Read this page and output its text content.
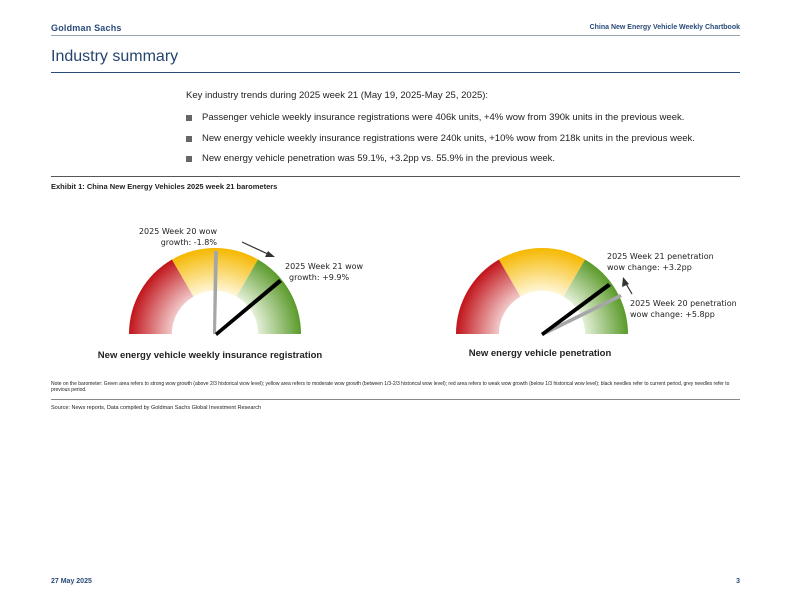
Goldman Sachs	China New Energy Vehicle Weekly Chartbook
Industry summary
Key industry trends during 2025 week 21 (May 19, 2025-May 25, 2025):
Passenger vehicle weekly insurance registrations were 406k units, +4% wow from 390k units in the previous week.
New energy vehicle weekly insurance registrations were 240k units, +10% wow from 218k units in the previous week.
New energy vehicle penetration was 59.1%, +3.2pp vs. 55.9% in the previous week.
Exhibit 1: China New Energy Vehicles 2025 week 21 barometers
2025 Week 20 wow
growth: -1.8%
2025 Week 21 wow
growth: +9.9%
New energy vehicle weekly insurance registration
2025 Week 21 penetration
wow change: +3.2pp
2025 Week 20 penetration
wow change: +5.8pp
New energy vehicle penetration
Note on the barometer: Green area refers to strong wow growth (above 2/3 historical wow level); yellow area refers to moderate wow growth (between 1/3-2/3 historical wow level); red area refers to weak wow growth (below 1/3 historical wow level); black needles refer to current period, grey needles refer to previous period.
Source: News reports, Data compiled by Goldman Sachs Global Investment Research
27 May 2025	3
